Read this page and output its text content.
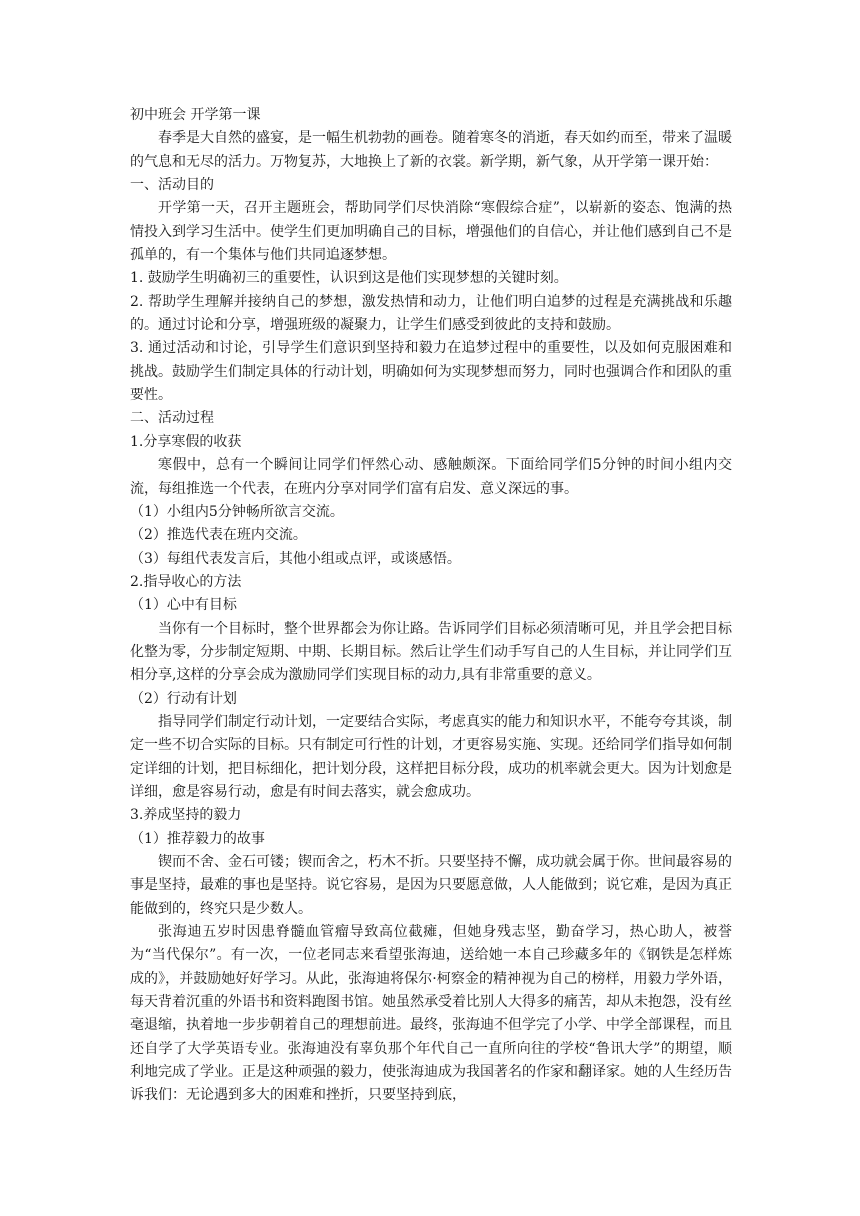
初中班会 开学第一课

春季是大自然的盛宴，是一幅生机勃勃的画卷。随着寒冬的消逝，春天如约而至，带来了温暖的气息和无尽的活力。万物复苏，大地换上了新的衣裳。新学期，新气象，从开学第一课开始：

一、活动目的

开学第一天，召开主题班会，帮助同学们尽快消除“寒假综合症”，以崭新的姿态、饱满的热情投入到学习生活中。使学生们更加明确自己的目标，增强他们的自信心，并让他们感到自己不是孤单的，有一个集体与他们共同追逐梦想。

1. 鼓励学生明确初三的重要性，认识到这是他们实现梦想的关键时刻。

2. 帮助学生理解并接纳自己的梦想，激发热情和动力，让他们明白追梦的过程是充满挑战和乐趣的。通过讨论和分享，增强班级的凝聚力，让学生们感受到彼此的支持和鼓励。

3. 通过活动和讨论，引导学生们意识到坚持和毅力在追梦过程中的重要性，以及如何克服困难和挑战。鼓励学生们制定具体的行动计划，明确如何为实现梦想而努力，同时也强调合作和团队的重要性。

二、活动过程

1.分享寒假的收获

寒假中，总有一个瞬间让同学们怦然心动、感触颇深。下面给同学们5分钟的时间小组内交流，每组推选一个代表，在班内分享对同学们富有启发、意义深远的事。

（1）小组内5分钟畅所欲言交流。

（2）推选代表在班内交流。

（3）每组代表发言后，其他小组或点评，或谈感悟。

2.指导收心的方法

（1）心中有目标

当你有一个目标时，整个世界都会为你让路。告诉同学们目标必须清晰可见，并且学会把目标化整为零，分步制定短期、中期、长期目标。然后让学生们动手写自己的人生目标，并让同学们互相分享,这样的分享会成为激励同学们实现目标的动力,具有非常重要的意义。

（2）行动有计划

指导同学们制定行动计划，一定要结合实际，考虑真实的能力和知识水平，不能夸夸其谈，制定一些不切合实际的目标。只有制定可行性的计划，才更容易实施、实现。还给同学们指导如何制定详细的计划，把目标细化，把计划分段，这样把目标分段，成功的机率就会更大。因为计划愈是详细，愈是容易行动，愈是有时间去落实，就会愈成功。

3.养成坚持的毅力

（1）推荐毅力的故事

锲而不舍、金石可镂；锲而舍之，朽木不折。只要坚持不懈，成功就会属于你。世间最容易的事是坚持，最难的事也是坚持。说它容易，是因为只要愿意做，人人能做到；说它难，是因为真正能做到的，终究只是少数人。

张海迪五岁时因患脊髓血管瘤导致高位截瘫，但她身残志坚，勤奋学习，热心助人，被誉为“当代保尔”。有一次，一位老同志来看望张海迪，送给她一本自己珍藏多年的《钢铁是怎样炼成的》，并鼓励她好好学习。从此，张海迪将保尔·柯察金的精神视为自己的榜样，用毅力学外语，每天背着沉重的外语书和资料跑图书馆。她虽然承受着比别人大得多的痛苦，却从未抱怨，没有丝毫退缩，执着地一步步朝着自己的理想前进。最终，张海迪不但学完了小学、中学全部课程，而且还自学了大学英语专业。张海迪没有辜负那个年代自己一直所向往的学校“鲁讯大学”的期望，顺利地完成了学业。正是这种顽强的毅力，使张海迪成为我国著名的作家和翻译家。她的人生经历告诉我们：无论遇到多大的困难和挫折，只要坚持到底，
